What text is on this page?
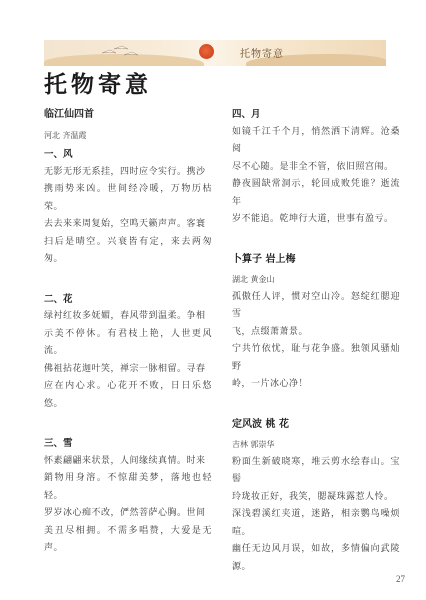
托物寄意
托物寄意
临江仙四首
河北 齐温霞
一、风
无影无形无系挂，四时应令实行。携沙
携雨势来凶。世间经冷暖，万物历枯荣。
去去来来周复始，空鸣天籁声声。客寰
扫后是晴空。兴衰皆有定，来去两匆匆。
二、花
绿衬红妆多妩媚，春风带到温柔。争相
示美不停休。有君枝上艳，人世更风流。
佛祖拈花迦叶笑，禅宗一脉相留。寻春
应在内心求。心花开不败，日日乐悠悠。
三、雪
怀素翩翩来状景，人间缘续真情。时来
銷物用身溶。不惊甜美梦，落地也轻轻。
罗岁冰心痴不改，俨然菩萨心胸。世间
美丑尽相拥。不需多唱赞，大爱是无声。
四、月
如镜千江千个月，悄然洒下清辉。沧桑阅
尽不心随。是非全不管，依旧照宫闱。
静夜圆缺常洞示，轮回成败凭谁？逝流年
岁不能追。乾坤行大道，世事有盈亏。
卜算子 岩上梅
湖北 黄金山
孤傲任人评，惯对空山冷。怒绽红腮迎雪
飞，点缀萧萧景。
宁共竹依忧，耻与花争盛。独领风骚灿野
岭，一片冰心净！
定风波 桃 花
吉林 郭崇华
粉面生新破晓寒，堆云剪水绘春山。宝髻
玲珑妆正好，我笑，腮凝珠露惹人怜。
深浅碧溪红夹道，迷路，相亲鹦鸟噪烦喧。
幽任无边风月误，如故，多情偏向武陵源。
27
